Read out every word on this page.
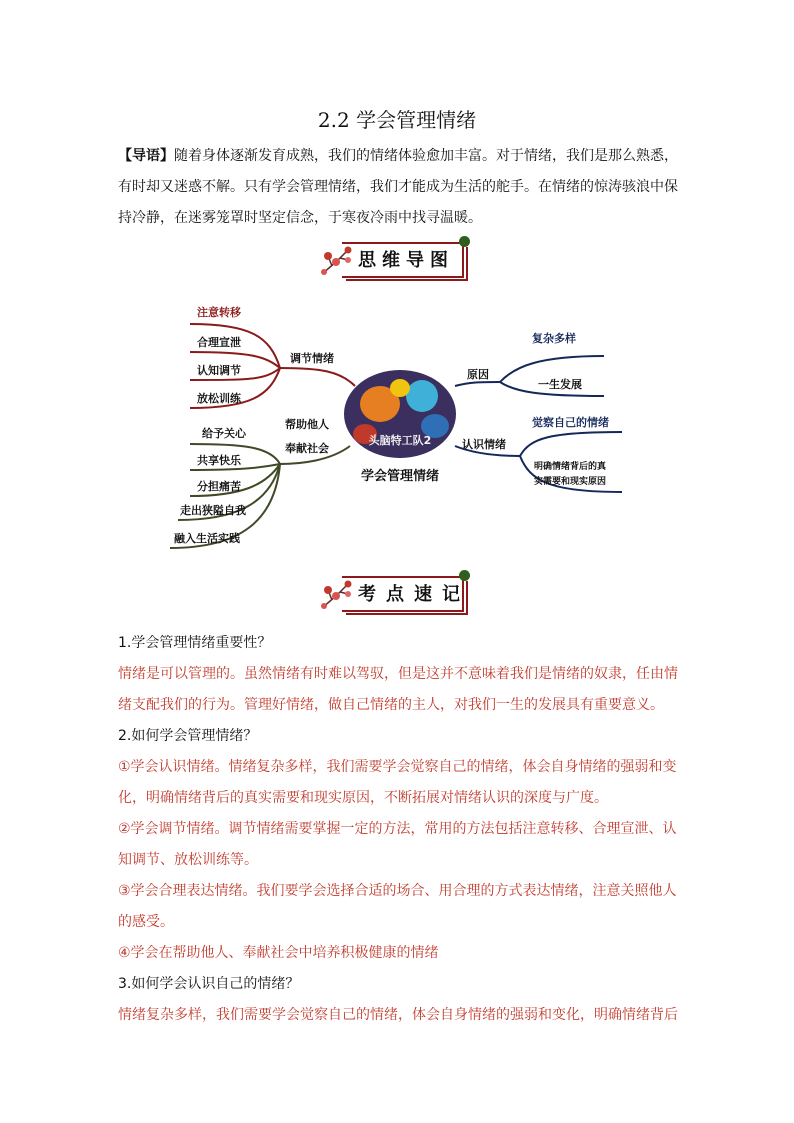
2.2 学会管理情绪
【导语】随着身体逐渐发育成熟，我们的情绪体验愈加丰富。对于情绪，我们是那么熟悉，有时却又迷惑不解。只有学会管理情绪，我们才能成为生活的舵手。在情绪的惊涛骇浪中保持冷静，在迷雾笼罩时坚定信念，于寒夜冷雨中找寻温暖。
思维导图
头脑特工队2
学会管理情绪
调节情绪
注意转移
合理宣泄
认知调节
放松训练
帮助他人
奉献社会
给予关心
共享快乐
分担痛苦
走出狭隘自我
融入生活实践
原因
复杂多样
一生发展
认识情绪
觉察自己的情绪
明确情绪背后的真
实需要和现实原因
考点速记
1.学会管理情绪重要性？
情绪是可以管理的。虽然情绪有时难以驾驭，但是这并不意味着我们是情绪的奴隶，任由情绪支配我们的行为。管理好情绪，做自己情绪的主人，对我们一生的发展具有重要意义。
2.如何学会管理情绪？
①学会认识情绪。情绪复杂多样，我们需要学会觉察自己的情绪，体会自身情绪的强弱和变化，明确情绪背后的真实需要和现实原因，不断拓展对情绪认识的深度与广度。
②学会调节情绪。调节情绪需要掌握一定的方法，常用的方法包括注意转移、合理宣泄、认知调节、放松训练等。
③学会合理表达情绪。我们要学会选择合适的场合、用合理的方式表达情绪，注意关照他人的感受。
④学会在帮助他人、奉献社会中培养积极健康的情绪
3.如何学会认识自己的情绪？
情绪复杂多样，我们需要学会觉察自己的情绪，体会自身情绪的强弱和变化，明确情绪背后
